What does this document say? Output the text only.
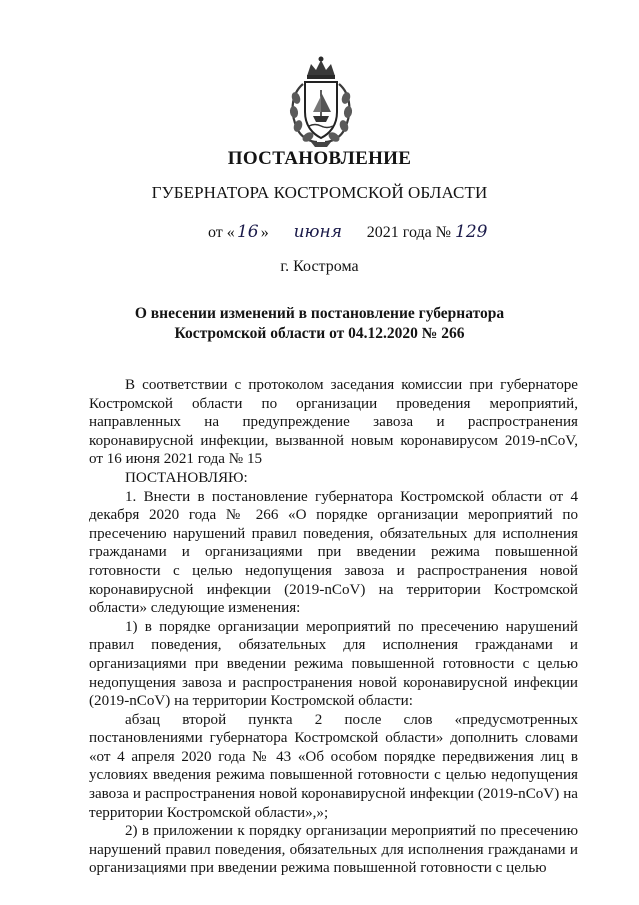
ПОСТАНОВЛЕНИЕ
ГУБЕРНАТОРА КОСТРОМСКОЙ ОБЛАСТИ
от « 16 » июня 2021 года № 129
г. Кострома
О внесении изменений в постановление губернатора
Костромской области от 04.12.2020 № 266

В соответствии с протоколом заседания комиссии при губернаторе Костромской области по организации проведения мероприятий, направленных на предупреждение завоза и распространения коронавирусной инфекции, вызванной новым коронавирусом 2019-nCoV, от 16 июня 2021 года № 15

ПОСТАНОВЛЯЮ:

1. Внести в постановление губернатора Костромской области от 4 декабря 2020 года № 266 «О порядке организации мероприятий по пресечению нарушений правил поведения, обязательных для исполнения гражданами и организациями при введении режима повышенной готовности с целью недопущения завоза и распространения новой коронавирусной инфекции (2019-nCoV) на территории Костромской области» следующие изменения:

1) в порядке организации мероприятий по пресечению нарушений правил поведения, обязательных для исполнения гражданами и организациями при введении режима повышенной готовности с целью недопущения завоза и распространения новой коронавирусной инфекции (2019-nCoV) на территории Костромской области:

абзац второй пункта 2 после слов «предусмотренных постановлениями губернатора Костромской области» дополнить словами «от 4 апреля 2020 года № 43 «Об особом порядке передвижения лиц в условиях введения режима повышенной готовности с целью недопущения завоза и распространения новой коронавирусной инфекции (2019-nCoV) на территории Костромской области»,»;

2) в приложении к порядку организации мероприятий по пресечению нарушений правил поведения, обязательных для исполнения гражданами и организациями при введении режима повышенной готовности с целью
